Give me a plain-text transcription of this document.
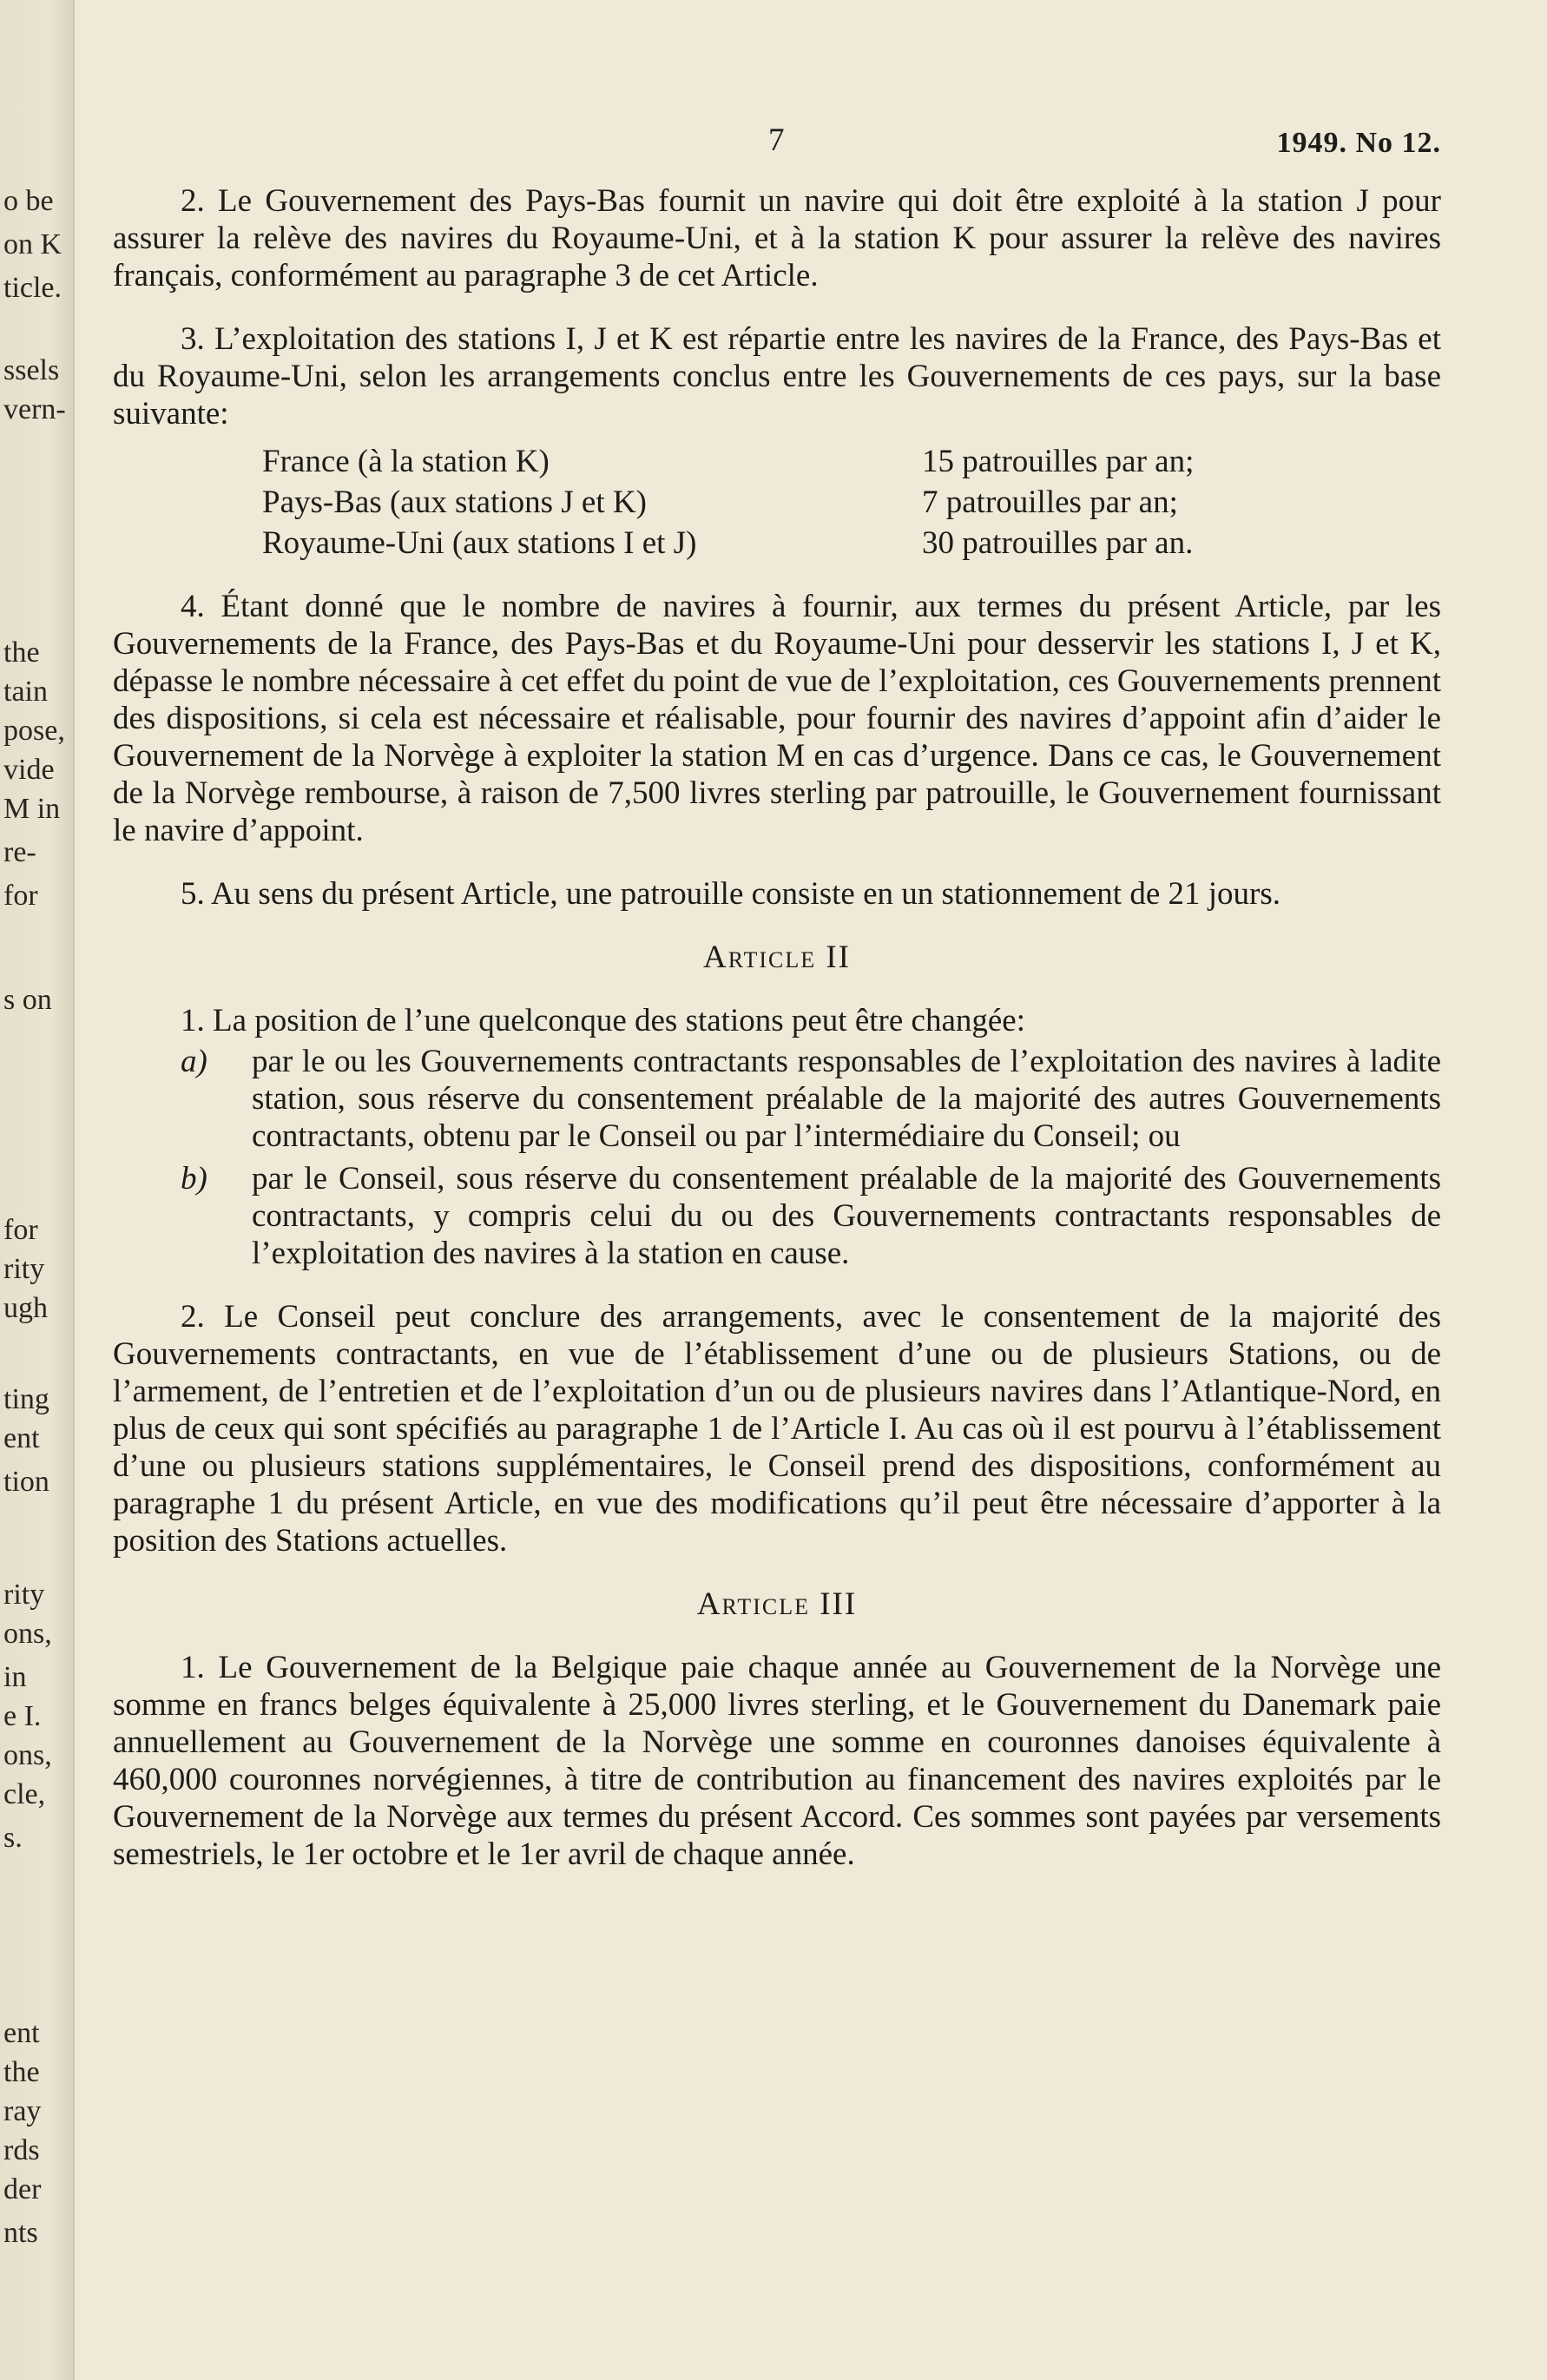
o be
on K
ticle.
ssels
vern-
the
tain
pose,
vide
M in
re-
for
s on
for
rity
ugh
ting
ent
tion
rity
ons,
in
e I.
ons,
cle,
s.
ent
the
ray
rds
der
nts
7	1949. No 12.

2. Le Gouvernement des Pays-Bas fournit un navire qui doit être exploité à la station J pour assurer la relève des navires du Royaume-Uni, et à la station K pour assurer la relève des navires français, conformément au paragraphe 3 de cet Article.

3. L’exploitation des stations I, J et K est répartie entre les navires de la France, des Pays-Bas et du Royaume-Uni, selon les arrangements conclus entre les Gouvernements de ces pays, sur la base suivante:

France (à la station K)	15 patrouilles par an;
Pays-Bas (aux stations J et K)	7 patrouilles par an;
Royaume-Uni (aux stations I et J)	30 patrouilles par an.

4. Étant donné que le nombre de navires à fournir, aux termes du présent Article, par les Gouvernements de la France, des Pays-Bas et du Royaume-Uni pour desservir les stations I, J et K, dépasse le nombre nécessaire à cet effet du point de vue de l’exploitation, ces Gouvernements prennent des dispositions, si cela est nécessaire et réalisable, pour fournir des navires d’appoint afin d’aider le Gouvernement de la Norvège à exploiter la station M en cas d’urgence. Dans ce cas, le Gouvernement de la Norvège rembourse, à raison de 7,500 livres sterling par patrouille, le Gouvernement fournissant le navire d’appoint.

5. Au sens du présent Article, une patrouille consiste en un stationnement de 21 jours.

Article II
1. La position de l’une quelconque des stations peut être changée:
a)	par le ou les Gouvernements contractants responsables de l’exploitation des navires à ladite station, sous réserve du consentement préalable de la majorité des autres Gouvernements contractants, obtenu par le Conseil ou par l’intermédiaire du Conseil; ou
b)	par le Conseil, sous réserve du consentement préalable de la majorité des Gouvernements contractants, y compris celui du ou des Gouvernements contractants responsables de l’exploitation des navires à la station en cause.

2. Le Conseil peut conclure des arrangements, avec le consentement de la majorité des Gouvernements contractants, en vue de l’établissement d’une ou de plusieurs Stations, ou de l’armement, de l’entretien et de l’exploitation d’un ou de plusieurs navires dans l’Atlantique-Nord, en plus de ceux qui sont spécifiés au paragraphe 1 de l’Article I. Au cas où il est pourvu à l’établissement d’une ou plusieurs stations supplémentaires, le Conseil prend des dispositions, conformément au paragraphe 1 du présent Article, en vue des modifications qu’il peut être nécessaire d’apporter à la position des Stations actuelles.

Article III

1. Le Gouvernement de la Belgique paie chaque année au Gouvernement de la Norvège une somme en francs belges équivalente à 25,000 livres sterling, et le Gouvernement du Danemark paie annuellement au Gouvernement de la Norvège une somme en couronnes danoises équivalente à 460,000 couronnes norvégiennes, à titre de contribution au financement des navires exploités par le Gouvernement de la Norvège aux termes du présent Accord. Ces sommes sont payées par versements semestriels, le 1er octobre et le 1er avril de chaque année.
